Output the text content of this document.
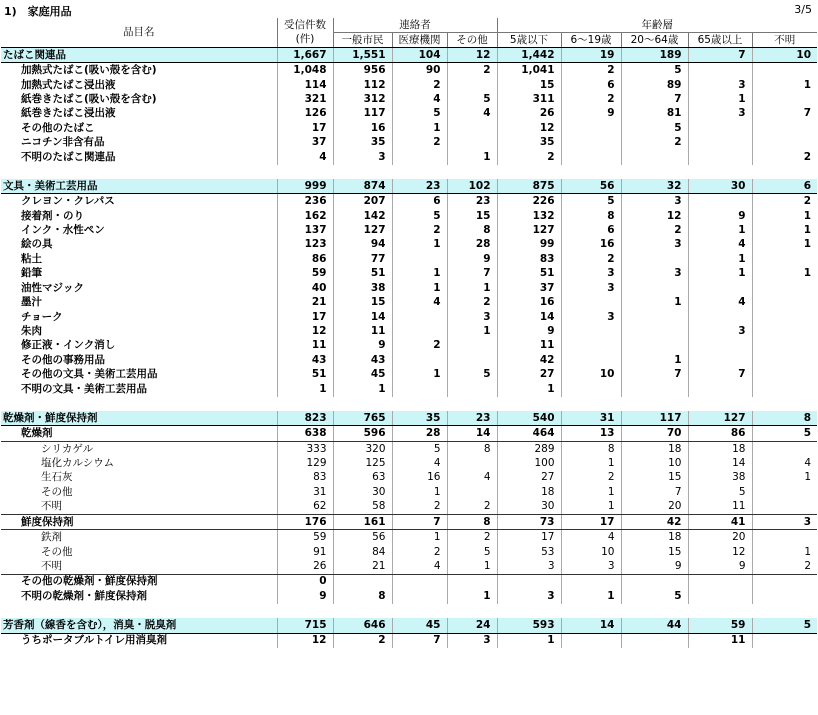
1)　家庭用品	3/5
品目名	受信件数	連絡者			年齢層				
	(件)	一般市民	医療機関	その他	5歳以下	6～19歳	20～64歳	65歳以上	不明
たばこ関連品	1,667	1,551	104	12	1,442	19	189	7	10
加熱式たばこ(吸い殻を含む)	1,048	956	90	2	1,041	2	5		
加熱式たばこ浸出液	114	112	2		15	6	89	3	1
紙巻きたばこ(吸い殻を含む)	321	312	4	5	311	2	7	1	
紙巻きたばこ浸出液	126	117	5	4	26	9	81	3	7
その他のたばこ	17	16	1		12		5		
ニコチン非含有品	37	35	2		35		2		
不明のたばこ関連品	4	3		1	2				2

文具・美術工芸用品	999	874	23	102	875	56	32	30	6
クレヨン・クレパス	236	207	6	23	226	5	3		2
接着剤・のり	162	142	5	15	132	8	12	9	1
インク・水性ペン	137	127	2	8	127	6	2	1	1
絵の具	123	94	1	28	99	16	3	4	1
粘土	86	77		9	83	2		1	
鉛筆	59	51	1	7	51	3	3	1	1
油性マジック	40	38	1	1	37	3			
墨汁	21	15	4	2	16		1	4	
チョーク	17	14		3	14	3			
朱肉	12	11		1	9			3	
修正液・インク消し	11	9	2		11				
その他の事務用品	43	43			42		1		
その他の文具・美術工芸用品	51	45	1	5	27	10	7	7	
不明の文具・美術工芸用品	1	1			1				

乾燥剤・鮮度保持剤	823	765	35	23	540	31	117	127	8
乾燥剤	638	596	28	14	464	13	70	86	5
シリカゲル	333	320	5	8	289	8	18	18	
塩化カルシウム	129	125	4		100	1	10	14	4
生石灰	83	63	16	4	27	2	15	38	1
その他	31	30	1		18	1	7	5	
不明	62	58	2	2	30	1	20	11	
鮮度保持剤	176	161	7	8	73	17	42	41	3
鉄剤	59	56	1	2	17	4	18	20	
その他	91	84	2	5	53	10	15	12	1
不明	26	21	4	1	3	3	9	9	2
その他の乾燥剤・鮮度保持剤	0								
不明の乾燥剤・鮮度保持剤	9	8		1	3	1	5		

芳香剤（線香を含む），消臭・脱臭剤	715	646	45	24	593	14	44	59	5
うちポータブルトイレ用消臭剤	12	2	7	3	1			11	
